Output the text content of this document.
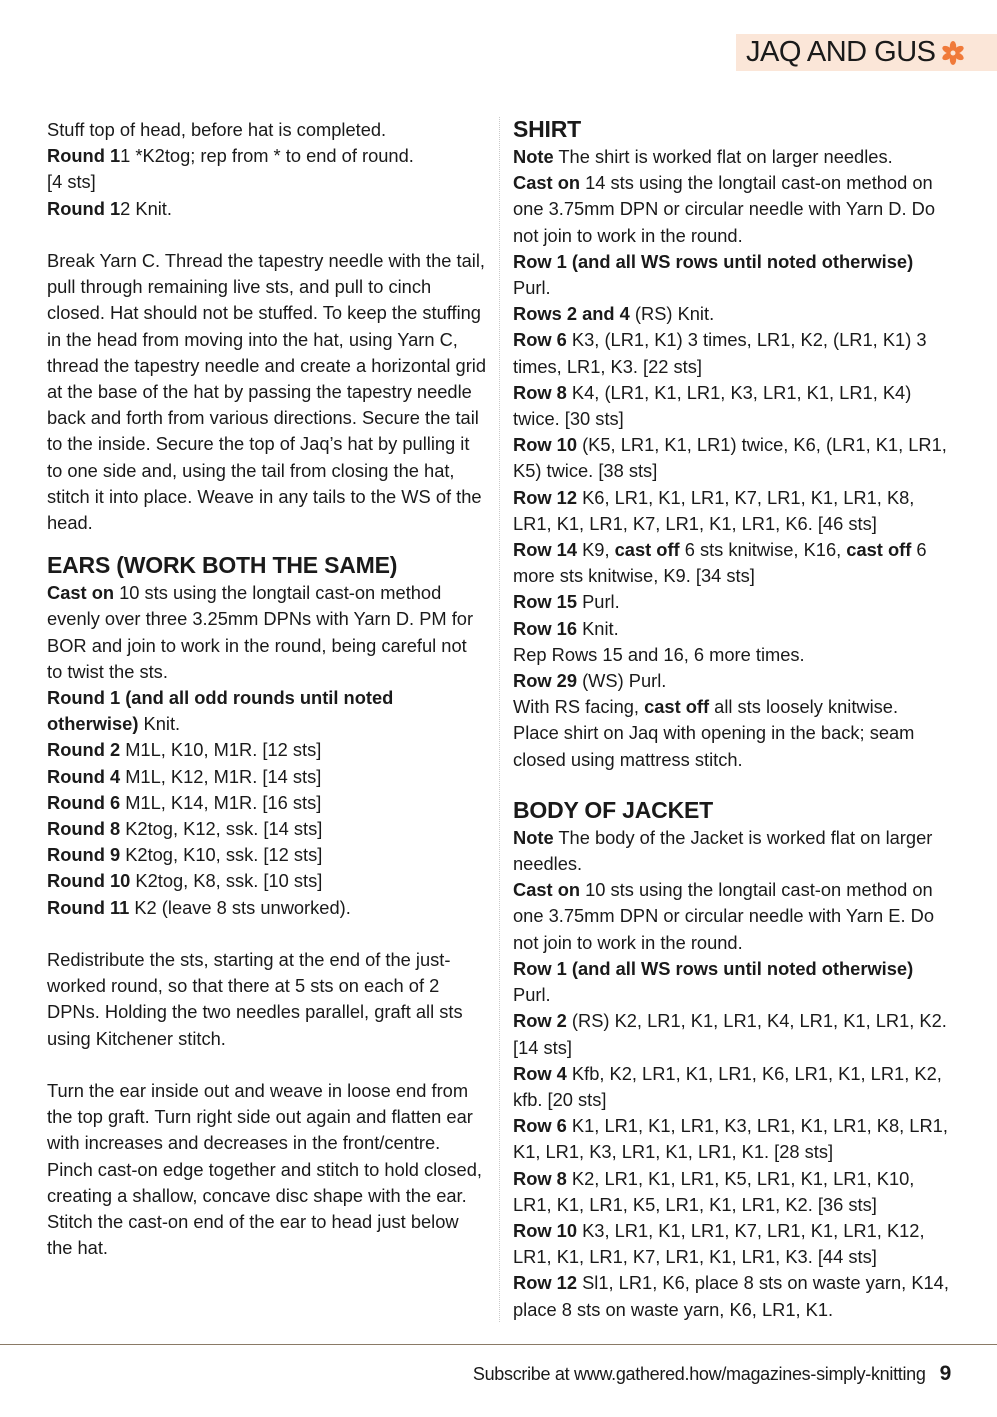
JAQ AND GUS

Stuff top of head, before hat is completed.

Round 11 *K2tog; rep from * to end of round.
[4 sts]

Round 12 Knit.

Break Yarn C. Thread the tapestry needle with the tail, pull through remaining live sts, and pull to cinch closed. Hat should not be stuffed. To keep the stuffing in the head from moving into the hat, using Yarn C, thread the tapestry needle and create a horizontal grid at the base of the hat by passing the tapestry needle back and forth from various directions. Secure the tail to the inside. Secure the top of Jaq’s hat by pulling it to one side and, using the tail from closing the hat, stitch it into place. Weave in any tails to the WS of the head.

EARS (WORK BOTH THE SAME)

Cast on 10 sts using the longtail cast-on method evenly over three 3.25mm DPNs with Yarn D. PM for BOR and join to work in the round, being careful not to twist the sts.

Round 1 (and all odd rounds until noted otherwise) Knit.

Round 2 M1L, K10, M1R. [12 sts]

Round 4 M1L, K12, M1R. [14 sts]

Round 6 M1L, K14, M1R. [16 sts]

Round 8 K2tog, K12, ssk. [14 sts]

Round 9 K2tog, K10, ssk. [12 sts]

Round 10 K2tog, K8, ssk. [10 sts]

Round 11 K2 (leave 8 sts unworked).

Redistribute the sts, starting at the end of the just-worked round, so that there at 5 sts on each of 2 DPNs. Holding the two needles parallel, graft all sts using Kitchener stitch.

Turn the ear inside out and weave in loose end from the top graft. Turn right side out again and flatten ear with increases and decreases in the front/centre. Pinch cast-on edge together and stitch to hold closed, creating a shallow, concave disc shape with the ear. Stitch the cast-on end of the ear to head just below the hat.

SHIRT

Note The shirt is worked flat on larger needles.

Cast on 14 sts using the longtail cast-on method on one 3.75mm DPN or circular needle with Yarn D. Do not join to work in the round.

Row 1 (and all WS rows until noted otherwise)
Purl.

Rows 2 and 4 (RS) Knit.

Row 6 K3, (LR1, K1) 3 times, LR1, K2, (LR1, K1) 3 times, LR1, K3. [22 sts]

Row 8 K4, (LR1, K1, LR1, K3, LR1, K1, LR1, K4) twice. [30 sts]

Row 10 (K5, LR1, K1, LR1) twice, K6, (LR1, K1, LR1, K5) twice. [38 sts]

Row 12 K6, LR1, K1, LR1, K7, LR1, K1, LR1, K8, LR1, K1, LR1, K7, LR1, K1, LR1, K6. [46 sts]

Row 14 K9, cast off 6 sts knitwise, K16, cast off 6 more sts knitwise, K9. [34 sts]

Row 15 Purl.

Row 16 Knit.

Rep Rows 15 and 16, 6 more times.

Row 29 (WS) Purl.

With RS facing, cast off all sts loosely knitwise.

Place shirt on Jaq with opening in the back; seam closed using mattress stitch.

BODY OF JACKET

Note The body of the Jacket is worked flat on larger needles.

Cast on 10 sts using the longtail cast-on method on one 3.75mm DPN or circular needle with Yarn E. Do not join to work in the round.

Row 1 (and all WS rows until noted otherwise)
Purl.

Row 2 (RS) K2, LR1, K1, LR1, K4, LR1, K1, LR1, K2. [14 sts]

Row 4 Kfb, K2, LR1, K1, LR1, K6, LR1, K1, LR1, K2, kfb. [20 sts]

Row 6 K1, LR1, K1, LR1, K3, LR1, K1, LR1, K8, LR1, K1, LR1, K3, LR1, K1, LR1, K1. [28 sts]

Row 8 K2, LR1, K1, LR1, K5, LR1, K1, LR1, K10, LR1, K1, LR1, K5, LR1, K1, LR1, K2. [36 sts]

Row 10 K3, LR1, K1, LR1, K7, LR1, K1, LR1, K12, LR1, K1, LR1, K7, LR1, K1, LR1, K3. [44 sts]

Row 12 Sl1, LR1, K6, place 8 sts on waste yarn, K14, place 8 sts on waste yarn, K6, LR1, K1.

Subscribe at www.gathered.how/magazines-simply-knitting 9
